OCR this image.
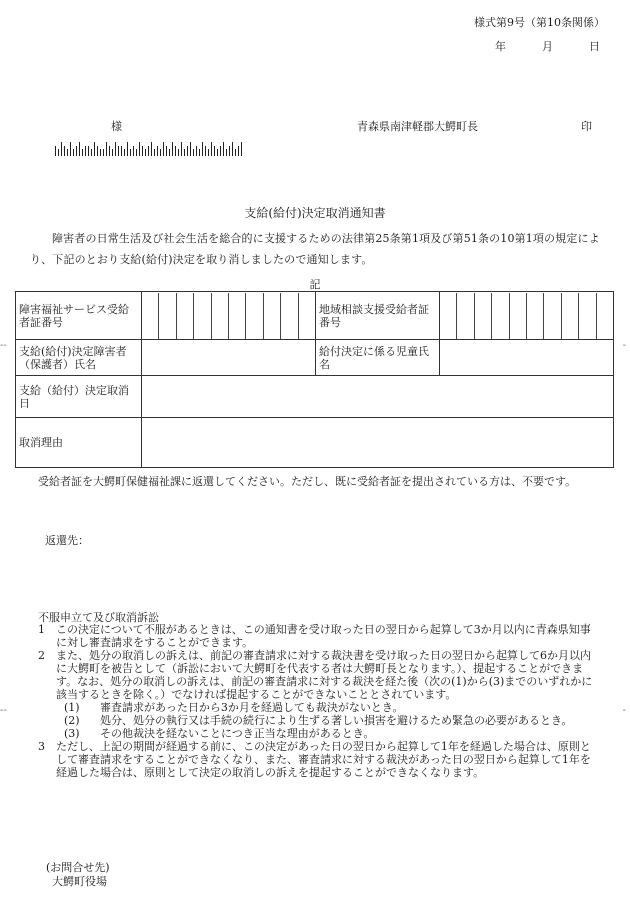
様式第9号（第10条関係）
年	月	日
様	青森県南津軽郡大鰐町長	印
支給(給付)決定取消通知書
障害者の日常生活及び社会生活を総合的に支援するための法律第25条第1項及び第51条の10第1項の規定により、下記のとおり支給(給付)決定を取り消しましたので通知します。
記
障害福祉サービス受給者証番号		地域相談支援受給者証番号	

支給(給付)決定障害者（保護者）氏名		給付決定に係る児童氏名	
支給（給付）決定取消日			
取消理由			
受給者証を大鰐町保健福祉課に返還してください。ただし、既に受給者証を提出されている方は、不要です。
返還先：
不服申立て及び取消訴訟
1	この決定について不服があるときは、この通知書を受け取った日の翌日から起算して3か月以内に青森県知事に対し審査請求をすることができます。
2	また、処分の取消しの訴えは、前記の審査請求に対する裁決書を受け取った日の翌日から起算して6か月以内に大鰐町を被告として（訴訟において大鰐町を代表する者は大鰐町長となります。）、提起することができます。なお、処分の取消しの訴えは、前記の審査請求に対する裁決を経た後（次の(1)から(3)までのいずれかに該当するときを除く。）でなければ提起することができないこととされています。
(1)	審査請求があった日から3か月を経過しても裁決がないとき。
(2)	処分、処分の執行又は手続の続行により生ずる著しい損害を避けるため緊急の必要があるとき。
(3)	その他裁決を経ないことにつき正当な理由があるとき。
3	ただし、上記の期間が経過する前に、この決定があった日の翌日から起算して1年を経過した場合は、原則として審査請求をすることができなくなり、また、審査請求に対する裁決があった日の翌日から起算して1年を経過した場合は、原則として決定の取消しの訴えを提起することができなくなります。
(お問合せ先)
大鰐町役場
--	-
--	-
